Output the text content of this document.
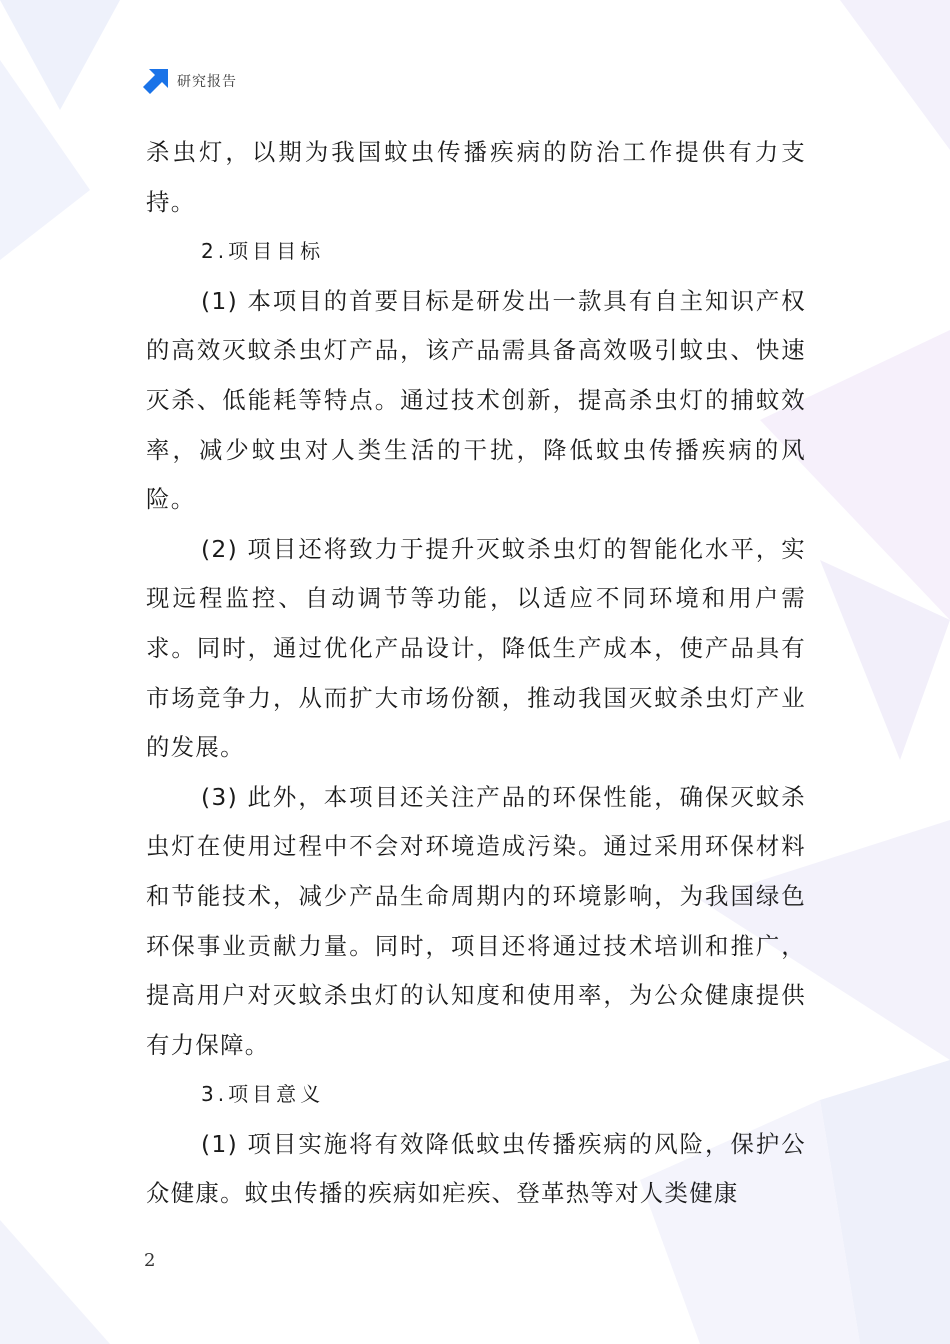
研究报告

杀虫灯，以期为我国蚊虫传播疾病的防治工作提供有力支持。

2.项目目标

(1) 本项目的首要目标是研发出一款具有自主知识产权的高效灭蚊杀虫灯产品，该产品需具备高效吸引蚊虫、快速灭杀、低能耗等特点。通过技术创新，提高杀虫灯的捕蚊效率，减少蚊虫对人类生活的干扰，降低蚊虫传播疾病的风险。

(2) 项目还将致力于提升灭蚊杀虫灯的智能化水平，实现远程监控、自动调节等功能，以适应不同环境和用户需求。同时，通过优化产品设计，降低生产成本，使产品具有市场竞争力，从而扩大市场份额，推动我国灭蚊杀虫灯产业的发展。

(3) 此外，本项目还关注产品的环保性能，确保灭蚊杀虫灯在使用过程中不会对环境造成污染。通过采用环保材料和节能技术，减少产品生命周期内的环境影响，为我国绿色环保事业贡献力量。同时，项目还将通过技术培训和推广，提高用户对灭蚊杀虫灯的认知度和使用率，为公众健康提供有力保障。

3.项目意义

(1) 项目实施将有效降低蚊虫传播疾病的风险，保护公众健康。蚊虫传播的疾病如疟疾、登革热等对人类健康

2
